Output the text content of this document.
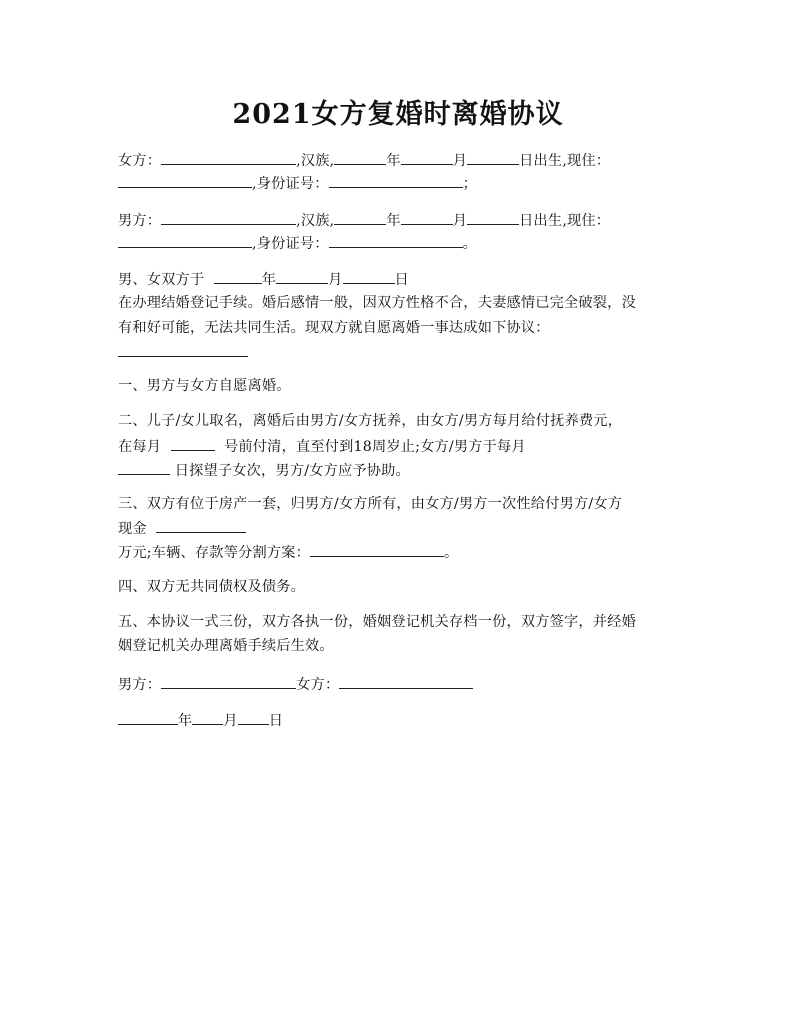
2021女方复婚时离婚协议
女方：	,汉族,	年	月	日出生,现住：
,身份证号：	；
男方：	,汉族,	年	月	日出生,现住：
,身份证号：	。
男、女双方于	年	月	日
在办理结婚登记手续。婚后感情一般，因双方性格不合，夫妻感情已完全破裂，没
有和好可能，无法共同生活。现双方就自愿离婚一事达成如下协议：
一、男方与女方自愿离婚。
二、儿子/女儿取名，离婚后由男方/女方抚养，由女方/男方每月给付抚养费元，
在每月	号前付清，直至付到18周岁止;女方/男方于每月
日探望子女次，男方/女方应予协助。
三、双方有位于房产一套，归男方/女方所有，由女方/男方一次性给付男方/女方
现金
万元;车辆、存款等分割方案：	。
四、双方无共同债权及债务。
五、本协议一式三份，双方各执一份，婚姻登记机关存档一份，双方签字，并经婚
姻登记机关办理离婚手续后生效。
男方：	女方：
年 月 日
